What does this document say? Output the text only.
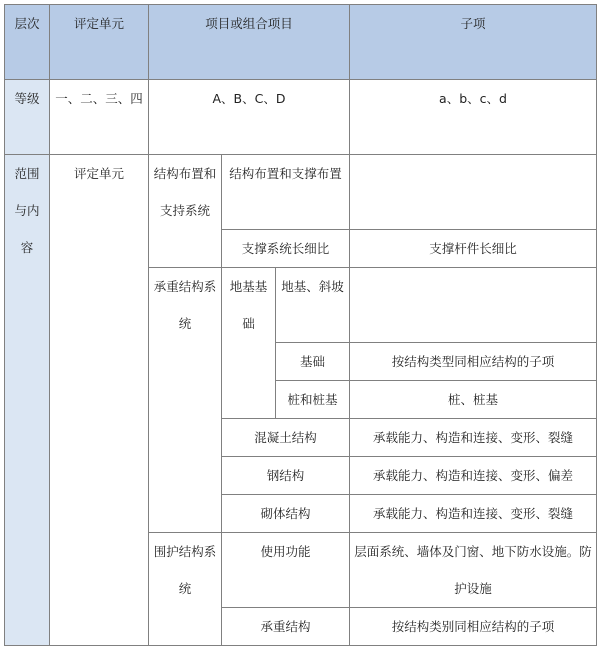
层次	评定单元	项目或组合项目			子项
等级	一、二、三、四	A、B、C、D			a、b、c、d
范围与内容	评定单元	结构布置和支持系统	结构布置和支撑布置		
			支撑系统长细比		支撑杆件长细比
		承重结构系统	地基基础	地基、斜坡	
				基础	按结构类型同相应结构的子项
				桩和桩基	桩、桩基
			混凝土结构		承载能力、构造和连接、变形、裂缝
			钢结构		承载能力、构造和连接、变形、偏差
			砌体结构		承载能力、构造和连接、变形、裂缝
		围护结构系统	使用功能		层面系统、墙体及门窗、地下防水设施。防护设施

			承重结构		按结构类别同相应结构的子项
